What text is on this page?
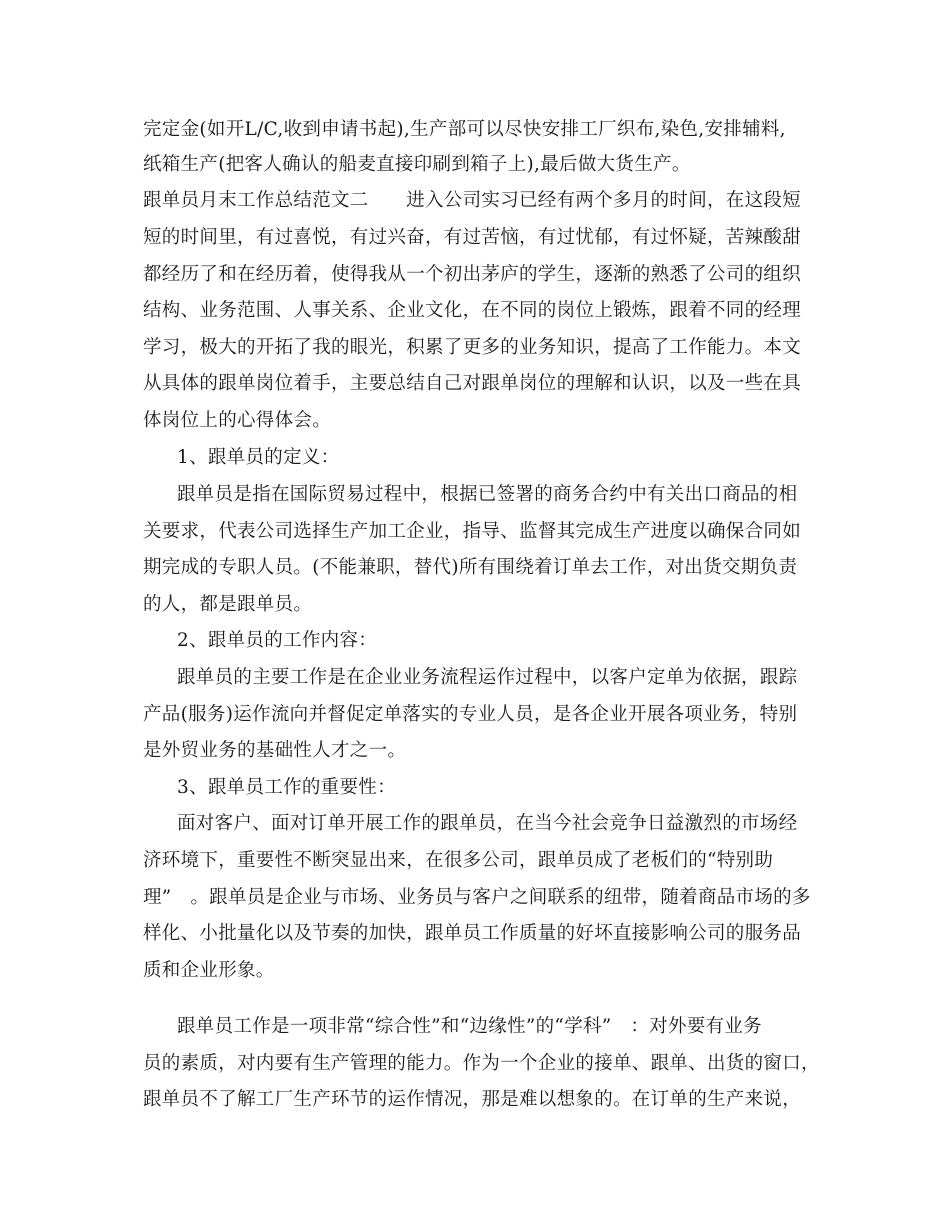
完定金(如开L/C,收到申请书起),生产部可以尽快安排工厂织布,染色,安排辅料,
纸箱生产(把客人确认的船麦直接印刷到箱子上),最后做大货生产。
跟单员月末工作总结范文二　　进入公司实习已经有两个多月的时间，在这段短
短的时间里，有过喜悦，有过兴奋，有过苦恼，有过忧郁，有过怀疑，苦辣酸甜
都经历了和在经历着，使得我从一个初出茅庐的学生，逐渐的熟悉了公司的组织
结构、业务范围、人事关系、企业文化，在不同的岗位上锻炼，跟着不同的经理
学习，极大的开拓了我的眼光，积累了更多的业务知识，提高了工作能力。本文
从具体的跟单岗位着手，主要总结自己对跟单岗位的理解和认识，以及一些在具
体岗位上的心得体会。
1、跟单员的定义：
跟单员是指在国际贸易过程中，根据已签署的商务合约中有关出口商品的相
关要求，代表公司选择生产加工企业，指导、监督其完成生产进度以确保合同如
期完成的专职人员。(不能兼职，替代)所有围绕着订单去工作，对出货交期负责
的人，都是跟单员。
2、跟单员的工作内容：
跟单员的主要工作是在企业业务流程运作过程中，以客户定单为依据，跟踪
产品(服务)运作流向并督促定单落实的专业人员，是各企业开展各项业务，特别
是外贸业务的基础性人才之一。
3、跟单员工作的重要性：
面对客户、面对订单开展工作的跟单员，在当今社会竞争日益激烈的市场经
济环境下，重要性不断突显出来，在很多公司，跟单员成了老板们的“特别助
理”　。跟单员是企业与市场、业务员与客户之间联系的纽带，随着商品市场的多
样化、小批量化以及节奏的加快，跟单员工作质量的好坏直接影响公司的服务品
质和企业形象。
跟单员工作是一项非常“综合性”和“边缘性”的“学科”　：对外要有业务
员的素质，对内要有生产管理的能力。作为一个企业的接单、跟单、出货的窗口，
跟单员不了解工厂生产环节的运作情况，那是难以想象的。在订单的生产来说，
